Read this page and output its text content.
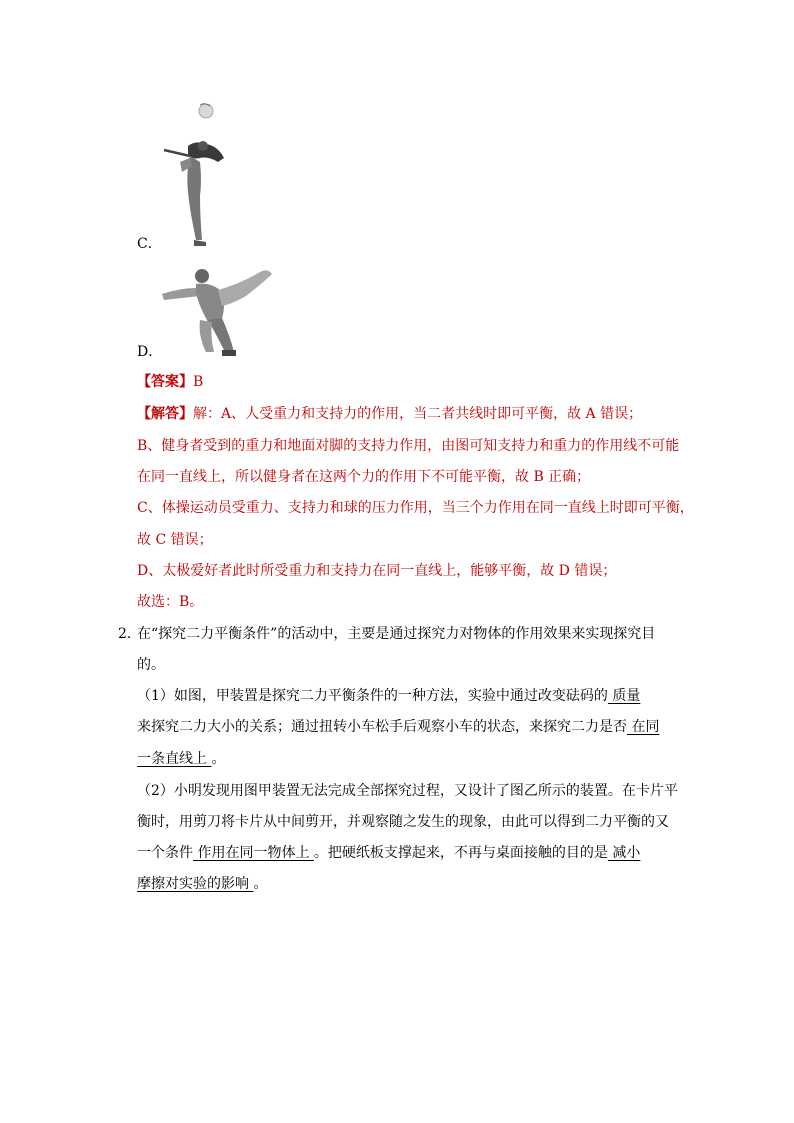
C．
D．
【答案】B
【解答】解：A、人受重力和支持力的作用，当二者共线时即可平衡，故 A 错误；
B、健身者受到的重力和地面对脚的支持力作用，由图可知支持力和重力的作用线不可能
在同一直线上，所以健身者在这两个力的作用下不可能平衡，故 B 正确；
C、体操运动员受重力、支持力和球的压力作用，当三个力作用在同一直线上时即可平衡，
故 C 错误；
D、太极爱好者此时所受重力和支持力在同一直线上，能够平衡，故 D 错误；
故选：B。
2．
在“探究二力平衡条件”的活动中，主要是通过探究力对物体的作用效果来实现探究目
的。
（1）如图，甲装置是探究二力平衡条件的一种方法，实验中通过改变砝码的 质量
来探究二力大小的关系；通过扭转小车松手后观察小车的状态，来探究二力是否 在同
一条直线上 。
（2）小明发现用图甲装置无法完成全部探究过程，又设计了图乙所示的装置。在卡片平
衡时，用剪刀将卡片从中间剪开，并观察随之发生的现象，由此可以得到二力平衡的又
一个条件 作用在同一物体上 。把硬纸板支撑起来，不再与桌面接触的目的是 减小
摩擦对实验的影响 。
